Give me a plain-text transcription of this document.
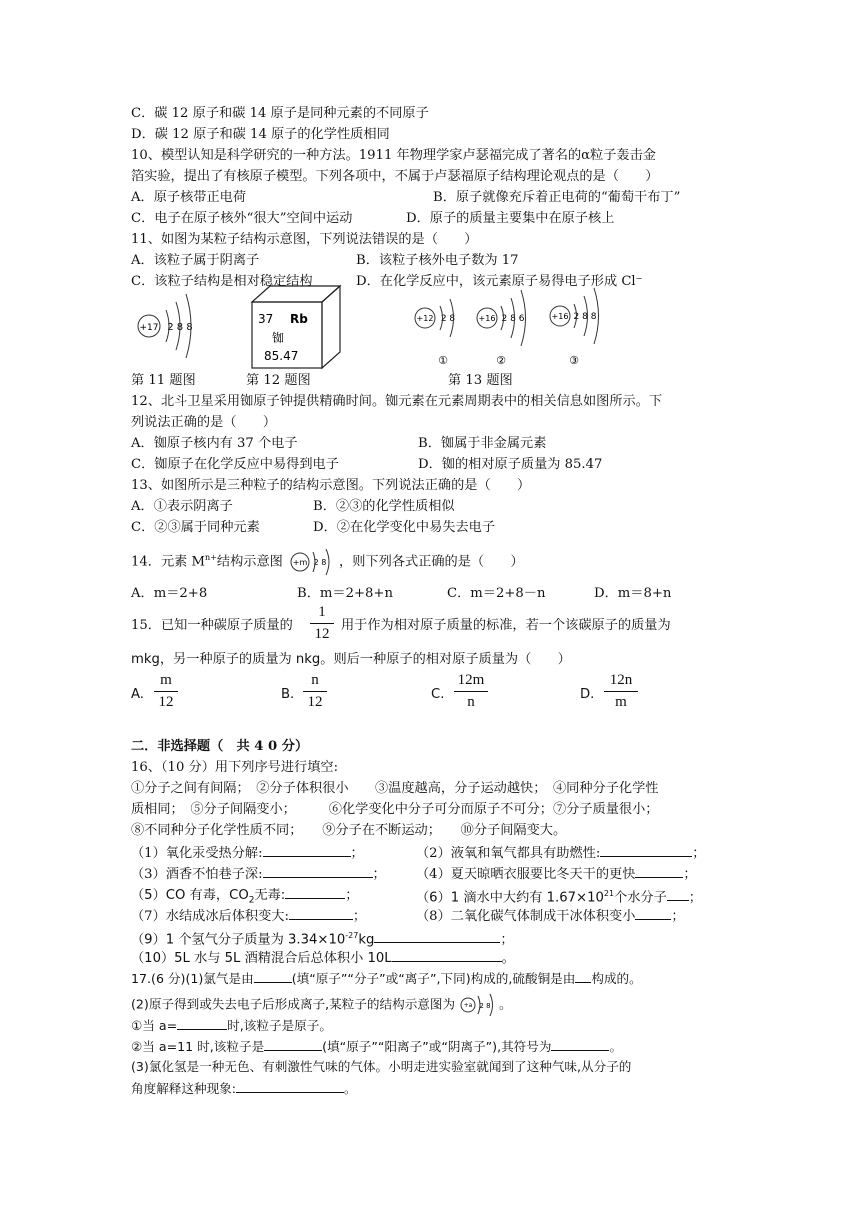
C．碳 12 原子和碳 14 原子是同种元素的不同原子
D．碳 12 原子和碳 14 原子的化学性质相同
10、模型认知是科学研究的一种方法。1911 年物理学家卢瑟福完成了著名的α粒子轰击金
箔实验，提出了有核原子模型。下列各项中，不属于卢瑟福原子结构理论观点的是（　　）
A．原子核带正电荷	B．原子就像充斥着正电荷的“葡萄干布丁”
C．电子在原子核外“很大”空间中运动	D．原子的质量主要集中在原子核上
11、如图为某粒子结构示意图，下列说法错误的是（　　）
A．该粒子属于阴离子	B．该粒子核外电子数为 17
C．该粒子结构是相对稳定结构	D．在化学反应中，该元素原子易得电子形成 Cl⁻
+17 2 8 8
37 Rb
铷
85.47
+12 2 8
①
+16 2 8 6
②
+16 2 8 8
③
第 11 题图	第 12 题图	第 13 题图
12、北斗卫星采用铷原子钟提供精确时间。铷元素在元素周期表中的相关信息如图所示。下
列说法正确的是（　　）
A．铷原子核内有 37 个电子	B．铷属于非金属元素
C．铷原子在化学反应中易得到电子	D．铷的相对原子质量为 85.47
13、如图所示是三种粒子的结构示意图。下列说法正确的是（　　）
A．①表示阴离子	B．②③的化学性质相似
C．②③属于同种元素	D．②在化学变化中易失去电子
14．元素 $M^{n+}$结构示意图 +m 2 8 ，则下列各式正确的是（　　）
A．m＝2+8	B．m＝2+8+n	C．m＝2+8－n	D．m＝8+n
15．已知一种碳原子质量的
1
12
用于作为相对原子质量的标准，若一个该碳原子的质量为
mkg，另一种原子的质量为 nkg。则后一种原子的相对原子质量为（　　）
A.
m
12	B.
n
12	C.
12m
n	D.
12n
m
二．非选择题（　共 4 0 分）
16、（10 分）用下列序号进行填空:
①分子之间有间隔；　②分子体积很小　　③温度越高，分子运动越快；　④同种分子化学性
质相同；　⑤分子间隔变小；　　　⑥化学变化中分子可分而原子不可分；⑦分子质量很小；
⑧不同种分子化学性质不同；　　⑨分子在不断运动；　　⑩分子间隔变大。
（1）氧化汞受热分解:	；	（2）液氧和氧气都具有助燃性:	；
（3）酒香不怕巷子深:	； （4）夏天晾晒衣服要比冬天干的更快	；
（5）CO 有毒，$CO_2$无毒:	；	（6）1 滴水中大约有 $1.67\times 10^{21}$个水分子 ；
（7）水结成冰后体积变大:	；	（8）二氧化碳气体制成干冰体积变小	；
（9）1 个氢气分子质量为 $3.34\times 10^{-27}kg$	；
（10）5L 水与 5L 酒精混合后总体积小 10L	。
17.(6 分)(1)氯气是由	(填“原子”“分子”或“离子”,下同)构成的,硫酸铜是由 构成的。
(2)原子得到或失去电子后形成离子,某粒子的结构示意图为 +a 2 8 。
①当 a=	时,该粒子是原子。
②当 a=11 时,该粒子是	(填“原子”“阳离子”或“阴离子”),其符号为	。
(3)氯化氢是一种无色、有刺激性气味的气体。小明走进实验室就闻到了这种气味,从分子的
角度解释这种现象:	。
